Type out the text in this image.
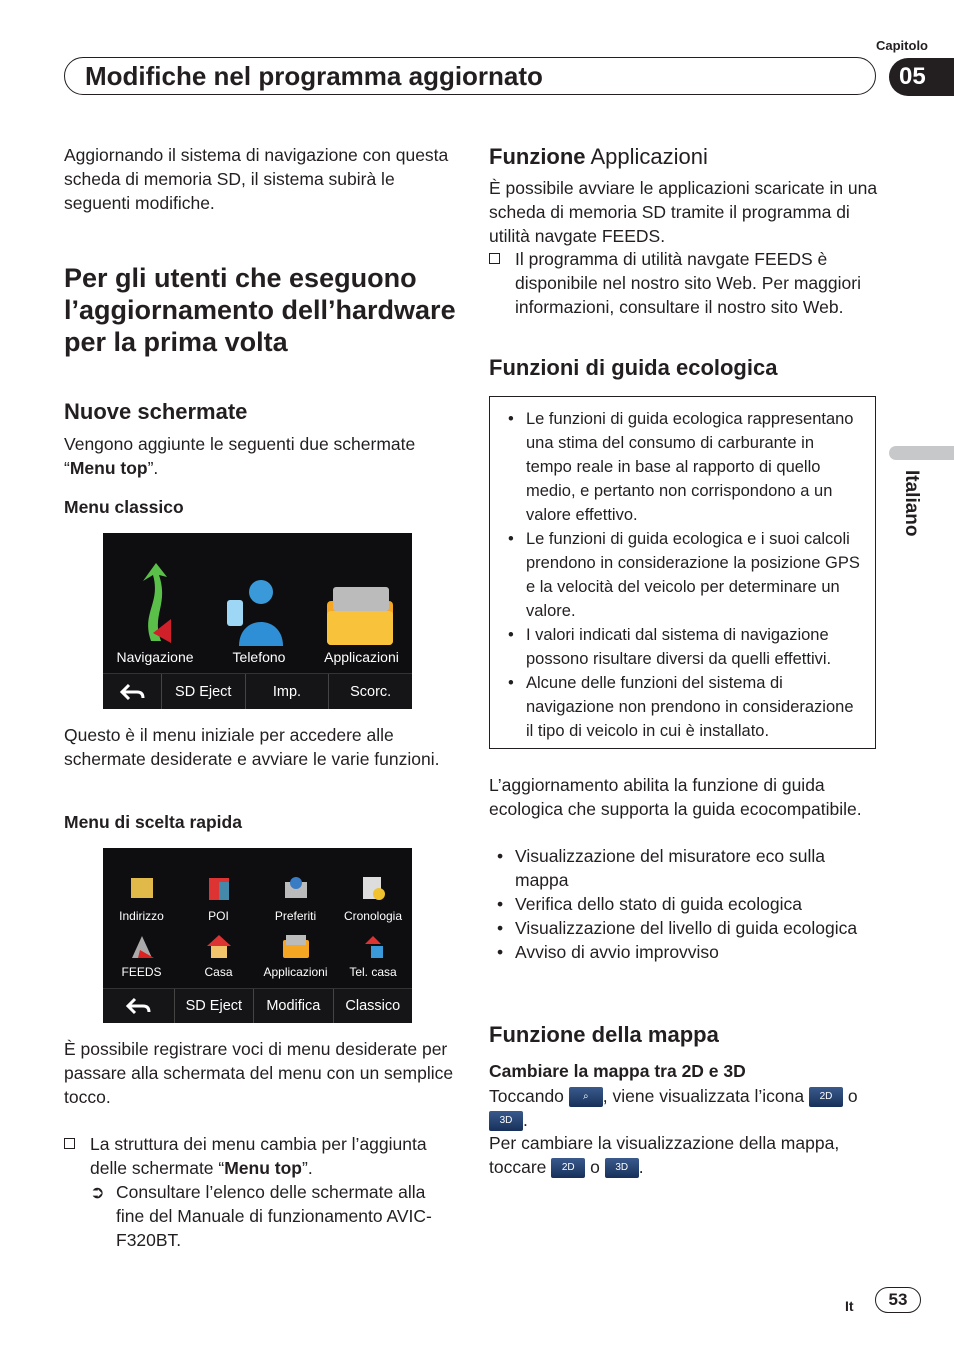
Capitolo
Modifiche nel programma aggiornato	05
Aggiornando il sistema di navigazione con questa scheda di memoria SD, il sistema subirà le seguenti modifiche.
Per gli utenti che eseguono l’aggiornamento dell’hardware per la prima volta
Nuove schermate
Vengono aggiunte le seguenti due schermate “Menu top”.
Menu classico
Navigazione	Telefono	Applicazioni
SD Eject	Imp.	Scorc.
Questo è il menu iniziale per accedere alle schermate desiderate e avviare le varie funzioni.
Menu di scelta rapida
Indirizzo	POI	Preferiti	Cronologia
FEEDS	Casa	Applicazioni	Tel. casa
SD Eject	Modifica	Classico
È possibile registrare voci di menu desiderate per passare alla schermata del menu con un semplice tocco.
La struttura dei menu cambia per l’aggiunta delle schermate “Menu top”.
➲ Consultare l’elenco delle schermate alla fine del Manuale di funzionamento AVIC-F320BT.
Funzione Applicazioni
È possibile avviare le applicazioni scaricate in una scheda di memoria SD tramite il programma di utilità navgate FEEDS.
Il programma di utilità navgate FEEDS è disponibile nel nostro sito Web. Per maggiori informazioni, consultare il nostro sito Web.
Funzioni di guida ecologica
• Le funzioni di guida ecologica rappresentano una stima del consumo di carburante in tempo reale in base al rapporto di quello medio, e pertanto non corrispondono a un valore effettivo.
• Le funzioni di guida ecologica e i suoi calcoli prendono in considerazione la posizione GPS e la velocità del veicolo per determinare un valore.
• I valori indicati dal sistema di navigazione possono risultare diversi da quelli effettivi.
• Alcune delle funzioni del sistema di navigazione non prendono in considerazione il tipo di veicolo in cui è installato.
L’aggiornamento abilita la funzione di guida ecologica che supporta la guida ecocompatibile.
• Visualizzazione del misuratore eco sulla mappa
• Verifica dello stato di guida ecologica
• Visualizzazione del livello di guida ecologica
• Avviso di avvio improvviso
Funzione della mappa
Cambiare la mappa tra 2D e 3D
Toccando ⌕ , viene visualizzata l’icona 2D o
3D .
Per cambiare la visualizzazione della mappa, toccare 2D o 3D .
Italiano
It	53
